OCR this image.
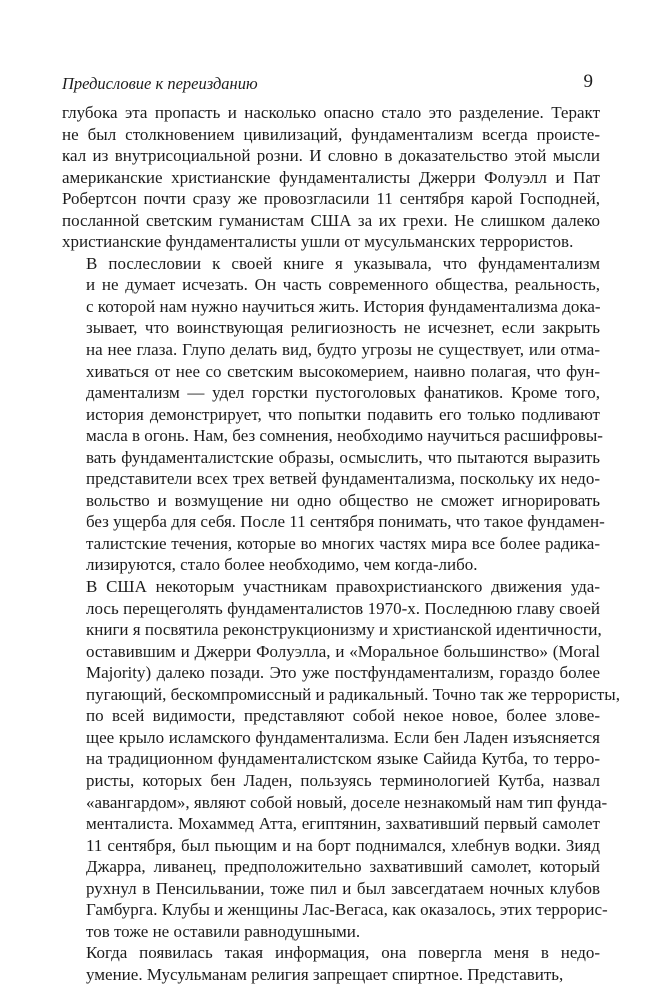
Предисловие к переизданию	9

глубока эта пропасть и насколько опасно стало это разделение. Теракт
не был столкновением цивилизаций, фундаментализм всегда проистe-
кал из внутрисоциальной розни. И словно в доказательство этой мысли
американские христианские фундаменталисты Джерри Фолуэлл и Пат
Робертсон почти сразу же провозгласили 11 сентября карой Господней,
посланной светским гуманистам США за их грехи. Не слишком далеко
христианские фундаменталисты ушли от мусульманских террористов.

В послесловии к своей книге я указывала, что фундаментализм
и не думает исчезать. Он часть современного общества, реальность,
с которой нам нужно научиться жить. История фундаментализма дока-
зывает, что воинствующая религиозность не исчезнет, если закрыть
на нее глаза. Глупо делать вид, будто угрозы не существует, или отма-
хиваться от нее со светским высокомерием, наивно полагая, что фун-
даментализм — удел горстки пустоголовых фанатиков. Кроме того,
история демонстрирует, что попытки подавить его только подливают
масла в огонь. Нам, без сомнения, необходимо научиться расшифровы-
вать фундаменталистские образы, осмыслить, что пытаются выразить
представители всех трех ветвей фундаментализма, поскольку их недо-
вольство и возмущение ни одно общество не сможет игнорировать
без ущерба для себя. После 11 сентября понимать, что такое фундамен-
талистские течения, которые во многих частях мира все более радика-
лизируются, стало более необходимо, чем когда-либо.

В США некоторым участникам правохристианского движения уда-
лось перещеголять фундаменталистов 1970-х. Последнюю главу своей
книги я посвятила реконструкционизму и христианской идентичности,
оставившим и Джерри Фолуэлла, и «Моральное большинство» (Moral
Majority) далеко позади. Это уже постфундаментализм, гораздо более
пугающий, бескомпромиссный и радикальный. Точно так же террористы,
по всей видимости, представляют собой некое новое, более злове-
щее крыло исламского фундаментализма. Если бен Ладен изъясняется
на традиционном фундаменталистском языке Сайида Кутба, то терро-
ристы, которых бен Ладен, пользуясь терминологией Кутба, назвал
«авангардом», являют собой новый, доселе незнакомый нам тип фунда-
менталиста. Мохаммед Атта, египтянин, захвативший первый самолет
11 сентября, был пьющим и на борт поднимался, хлебнув водки. Зияд
Джарра, ливанец, предположительно захвативший самолет, который
рухнул в Пенсильвании, тоже пил и был завсегдатаем ночных клубов
Гамбурга. Клубы и женщины Лас-Вегаса, как оказалось, этих террорис-
тов тоже не оставили равнодушными.

Когда появилась такая информация, она повергла меня в недо-
умение. Мусульманам религия запрещает спиртное. Представить,
